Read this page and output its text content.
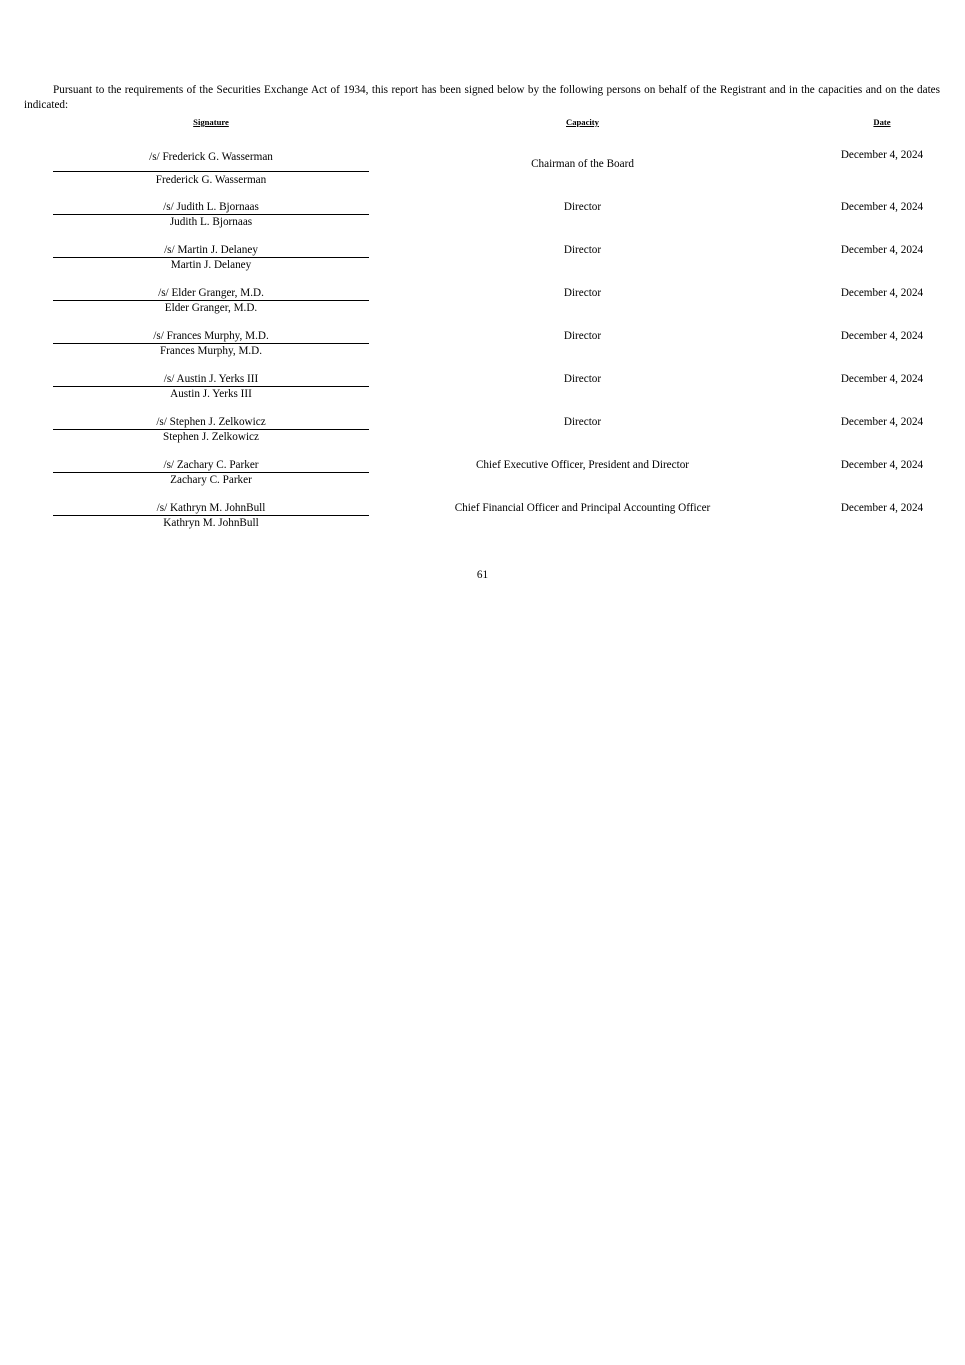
Pursuant to the requirements of the Securities Exchange Act of 1934, this report has been signed below by the following persons on behalf of the Registrant and in the capacities and on the dates indicated:

Signature	Capacity	Date
/s/ Frederick G. Wasserman
Frederick G. Wasserman
Chairman of the Board
December 4, 2024
/s/ Judith L. Bjornaas
Judith L. Bjornaas
Director	December 4, 2024
/s/ Martin J. Delaney
Martin J. Delaney
Director	December 4, 2024
/s/ Elder Granger, M.D.
Elder Granger, M.D.
Director	December 4, 2024
/s/ Frances Murphy, M.D.
Frances Murphy, M.D.
Director	December 4, 2024
/s/ Austin J. Yerks III
Austin J. Yerks III
Director	December 4, 2024
/s/ Stephen J. Zelkowicz
Stephen J. Zelkowicz
Director	December 4, 2024
/s/ Zachary C. Parker
Zachary C. Parker
Chief Executive Officer, President and Director	December 4, 2024
/s/ Kathryn M. JohnBull
Kathryn M. JohnBull
Chief Financial Officer and Principal Accounting Officer	December 4, 2024
61
